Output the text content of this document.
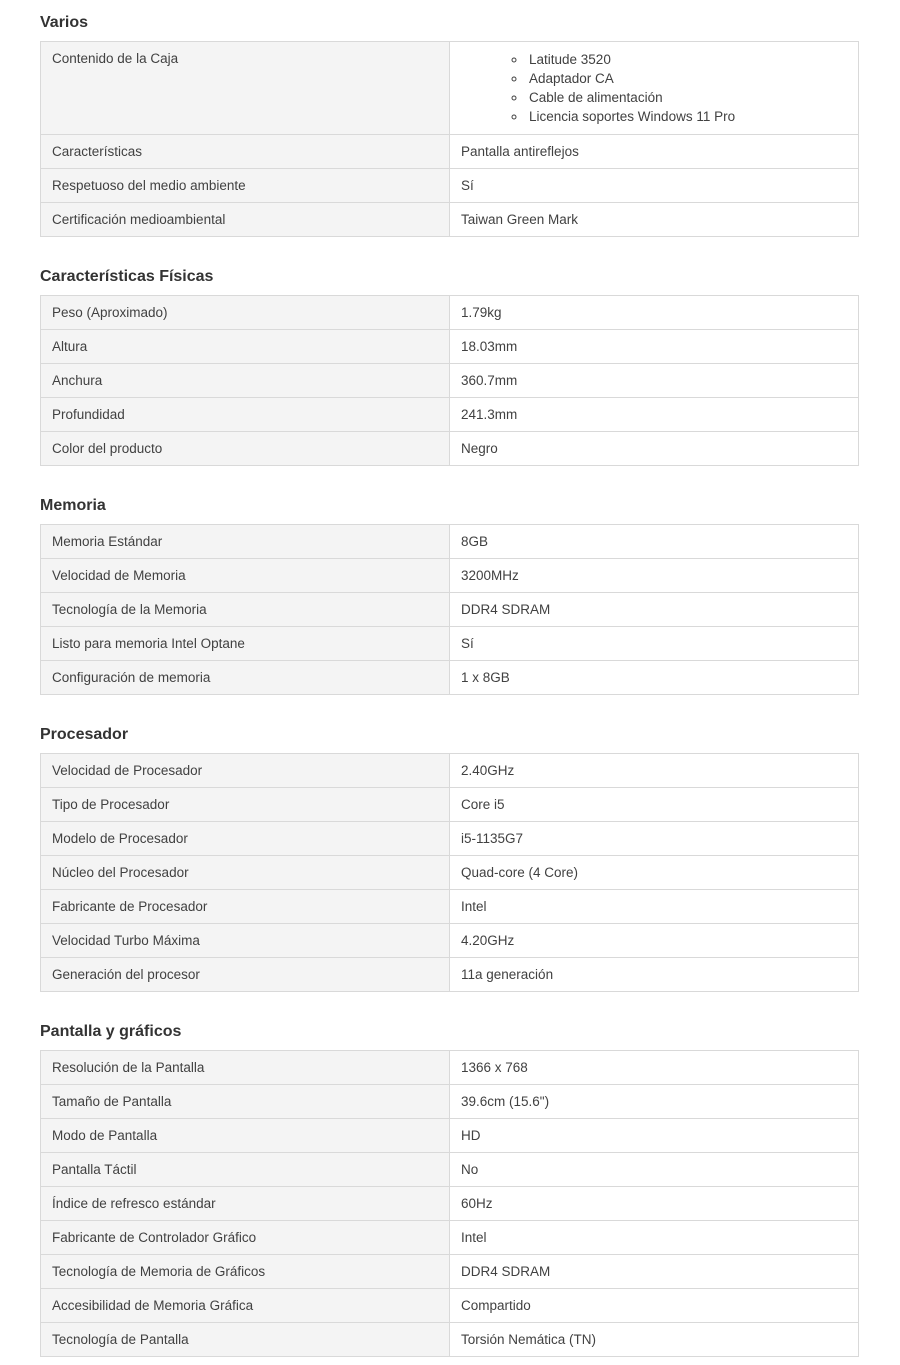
Varios
Contenido de la Caja	
◦Latitude 3520
◦ Adaptador CA
◦ Cable de alimentación
◦ Licencia soportes Windows 11 Pro

Características	Pantalla antireflejos
Respetuoso del medio ambiente	Sí
Certificación medioambiental	Taiwan Green Mark
Características Físicas
Peso (Aproximado)	1.79kg
Altura	18.03mm
Anchura	360.7mm
Profundidad	241.3mm
Color del producto	Negro
Memoria
Memoria Estándar	8GB
Velocidad de Memoria	3200MHz
Tecnología de la Memoria	DDR4 SDRAM
Listo para memoria Intel Optane	Sí
Configuración de memoria	1 x 8GB
Procesador
Velocidad de Procesador	2.40GHz
Tipo de Procesador	Core i5
Modelo de Procesador	i5-1135G7
Núcleo del Procesador	Quad-core (4 Core)
Fabricante de Procesador	Intel
Velocidad Turbo Máxima	4.20GHz
Generación del procesor	11a generación
Pantalla y gráficos
Resolución de la Pantalla	1366 x 768
Tamaño de Pantalla	39.6cm (15.6")
Modo de Pantalla	HD
Pantalla Táctil	No
Índice de refresco estándar	60Hz
Fabricante de Controlador Gráfico	Intel
Tecnología de Memoria de Gráficos	DDR4 SDRAM
Accesibilidad de Memoria Gráfica	Compartido
Tecnología de Pantalla	Torsión Nemática (TN)
